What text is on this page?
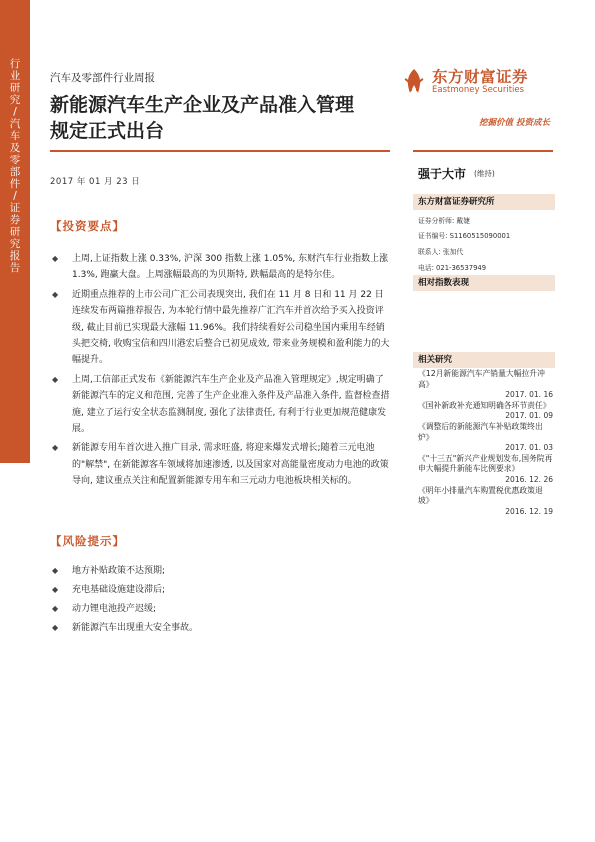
行业研究 / 汽车及零部件 / 证券研究报告
汽车及零部件行业周报
新能源汽车生产企业及产品准入管理
规定正式出台
2017 年 01 月 23 日
【投资要点】
◆ 上周,上证指数上涨 0.33%, 沪深 300 指数上涨 1.05%, 东财汽车行业指数上涨 1.3%, 跑赢大盘。上周涨幅最高的为贝斯特, 跌幅最高的是特尔佳。
◆ 近期重点推荐的上市公司广汇公司表现突出, 我们在 11 月 8 日和 11 月 22 日连续发布两篇推荐报告, 为本轮行情中最先推荐广汇汽车并首次给予买入投资评级, 截止目前已实现最大涨幅 11.96%。我们持续看好公司稳坐国内乘用车经销头把交椅, 收购宝信和四川港宏后整合已初见成效, 带来业务规模和盈利能力的大幅提升。
◆ 上周,工信部正式发布《新能源汽车生产企业及产品准入管理规定》,规定明确了新能源汽车的定义和范围, 完善了生产企业准入条件及产品准入条件, 监督检查措施, 建立了运行安全状态监测制度, 强化了法律责任, 有利于行业更加规范健康发展。
◆ 新能源专用车首次进入推广目录, 需求旺盛, 将迎来爆发式增长;随着三元电池的"解禁", 在新能源客车领域将加速渗透, 以及国家对高能量密度动力电池的政策导向, 建议重点关注和配置新能源专用车和三元动力电池板块相关标的。
【风险提示】
◆ 地方补贴政策不达预期;
◆ 充电基础设施建设滞后;
◆ 动力锂电池投产迟缓;
◆ 新能源汽车出现重大安全事故。
东方财富证券
Eastmoney Securities
挖掘价值 投资成长
强于大市 (维持)
东方财富证券研究所
证券分析师: 戴婕
证书编号: S1160515090001
联系人: 张加代
电话: 021-36537949
相对指数表现
相关研究
《12月新能源汽车产销量大幅拉升冲高》
2017. 01. 16
《国补新政补充通知明确各环节责任》
2017. 01. 09
《调整后的新能源汽车补贴政策终出炉》
2017. 01. 03
《"十三五"新兴产业规划发布,国务院再申大幅提升新能车比例要求》
2016. 12. 26
《明年小排量汽车购置税优惠政策退坡》
2016. 12. 19
